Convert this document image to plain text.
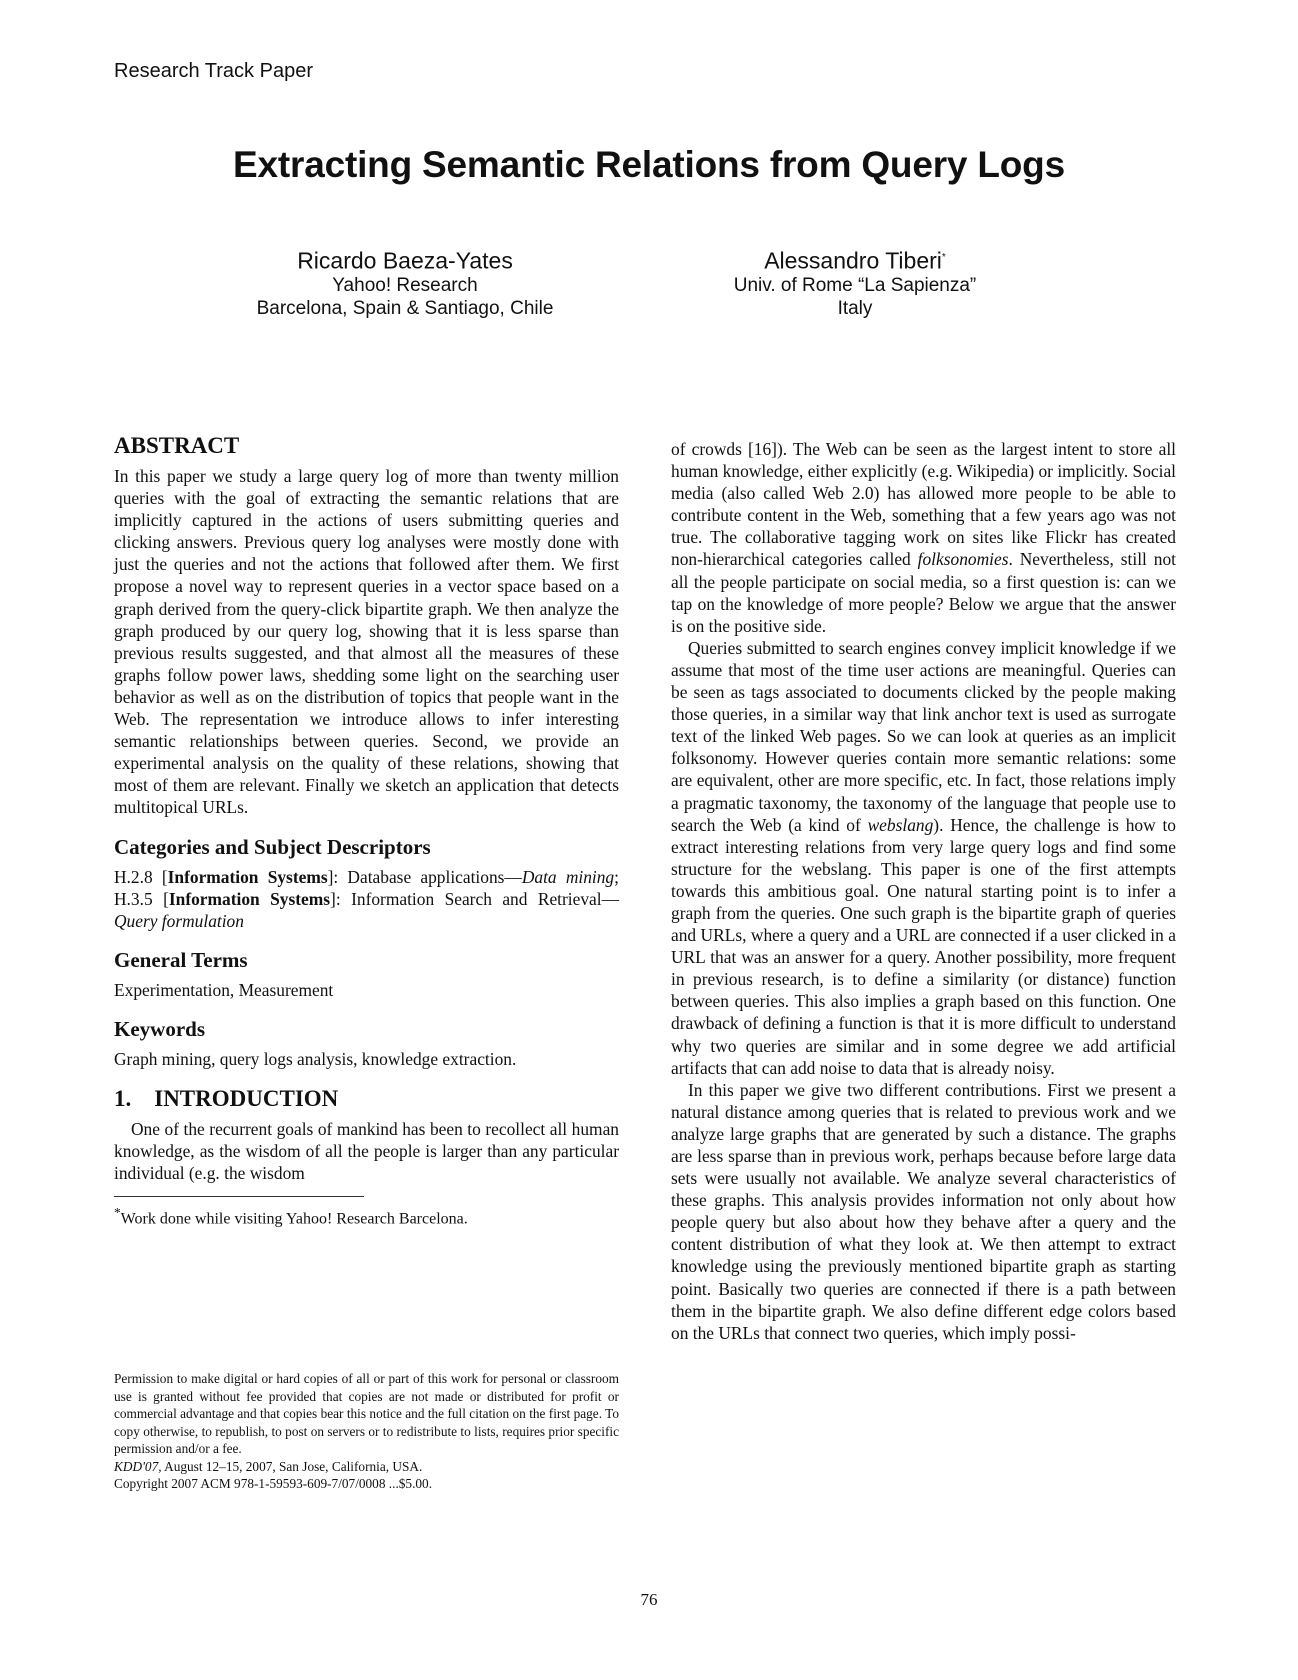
Research Track Paper
Extracting Semantic Relations from Query Logs
Ricardo Baeza-Yates
Yahoo! Research
Barcelona, Spain & Santiago, Chile
Alessandro Tiberi*
Univ. of Rome “La Sapienza”
Italy
ABSTRACT

In this paper we study a large query log of more than twenty million queries with the goal of extracting the semantic relations that are implicitly captured in the actions of users submitting queries and clicking answers. Previous query log analyses were mostly done with just the queries and not the actions that followed after them. We first propose a novel way to represent queries in a vector space based on a graph derived from the query-click bipartite graph. We then analyze the graph produced by our query log, showing that it is less sparse than previous results suggested, and that almost all the measures of these graphs follow power laws, shedding some light on the searching user behavior as well as on the distribution of topics that people want in the Web. The representation we introduce allows to infer interesting semantic relationships between queries. Second, we provide an experimental analysis on the quality of these relations, showing that most of them are relevant. Finally we sketch an application that detects multitopical URLs.

Categories and Subject Descriptors

H.2.8 [Information Systems]: Database applications—Data mining; H.3.5 [Information Systems]: Information Search and Retrieval—Query formulation

General Terms

Experimentation, Measurement

Keywords

Graph mining, query logs analysis, knowledge extraction.

1.    INTRODUCTION

One of the recurrent goals of mankind has been to recollect all human knowledge, as the wisdom of all the people is larger than any particular individual (e.g. the wisdom

*Work done while visiting Yahoo! Research Barcelona.

of crowds [16]). The Web can be seen as the largest intent to store all human knowledge, either explicitly (e.g. Wikipedia) or implicitly. Social media (also called Web 2.0) has allowed more people to be able to contribute content in the Web, something that a few years ago was not true. The collaborative tagging work on sites like Flickr has created non-hierarchical categories called folksonomies. Nevertheless, still not all the people participate on social media, so a first question is: can we tap on the knowledge of more people? Below we argue that the answer is on the positive side.

Queries submitted to search engines convey implicit knowledge if we assume that most of the time user actions are meaningful. Queries can be seen as tags associated to documents clicked by the people making those queries, in a similar way that link anchor text is used as surrogate text of the linked Web pages. So we can look at queries as an implicit folksonomy. However queries contain more semantic relations: some are equivalent, other are more specific, etc. In fact, those relations imply a pragmatic taxonomy, the taxonomy of the language that people use to search the Web (a kind of webslang). Hence, the challenge is how to extract interesting relations from very large query logs and find some structure for the webslang. This paper is one of the first attempts towards this ambitious goal. One natural starting point is to infer a graph from the queries. One such graph is the bipartite graph of queries and URLs, where a query and a URL are connected if a user clicked in a URL that was an answer for a query. Another possibility, more frequent in previous research, is to define a similarity (or distance) function between queries. This also implies a graph based on this function. One drawback of defining a function is that it is more difficult to understand why two queries are similar and in some degree we add artificial artifacts that can add noise to data that is already noisy.

In this paper we give two different contributions. First we present a natural distance among queries that is related to previous work and we analyze large graphs that are generated by such a distance. The graphs are less sparse than in previous work, perhaps because before large data sets were usually not available. We analyze several characteristics of these graphs. This analysis provides information not only about how people query but also about how they behave after a query and the content distribution of what they look at. We then attempt to extract knowledge using the previously mentioned bipartite graph as starting point. Basically two queries are connected if there is a path between them in the bipartite graph. We also define different edge colors based on the URLs that connect two queries, which imply possi-

Permission to make digital or hard copies of all or part of this work for personal or classroom use is granted without fee provided that copies are not made or distributed for profit or commercial advantage and that copies bear this notice and the full citation on the first page. To copy otherwise, to republish, to post on servers or to redistribute to lists, requires prior specific permission and/or a fee.
KDD'07, August 12–15, 2007, San Jose, California, USA.
Copyright 2007 ACM 978-1-59593-609-7/07/0008 ...$5.00.
76
